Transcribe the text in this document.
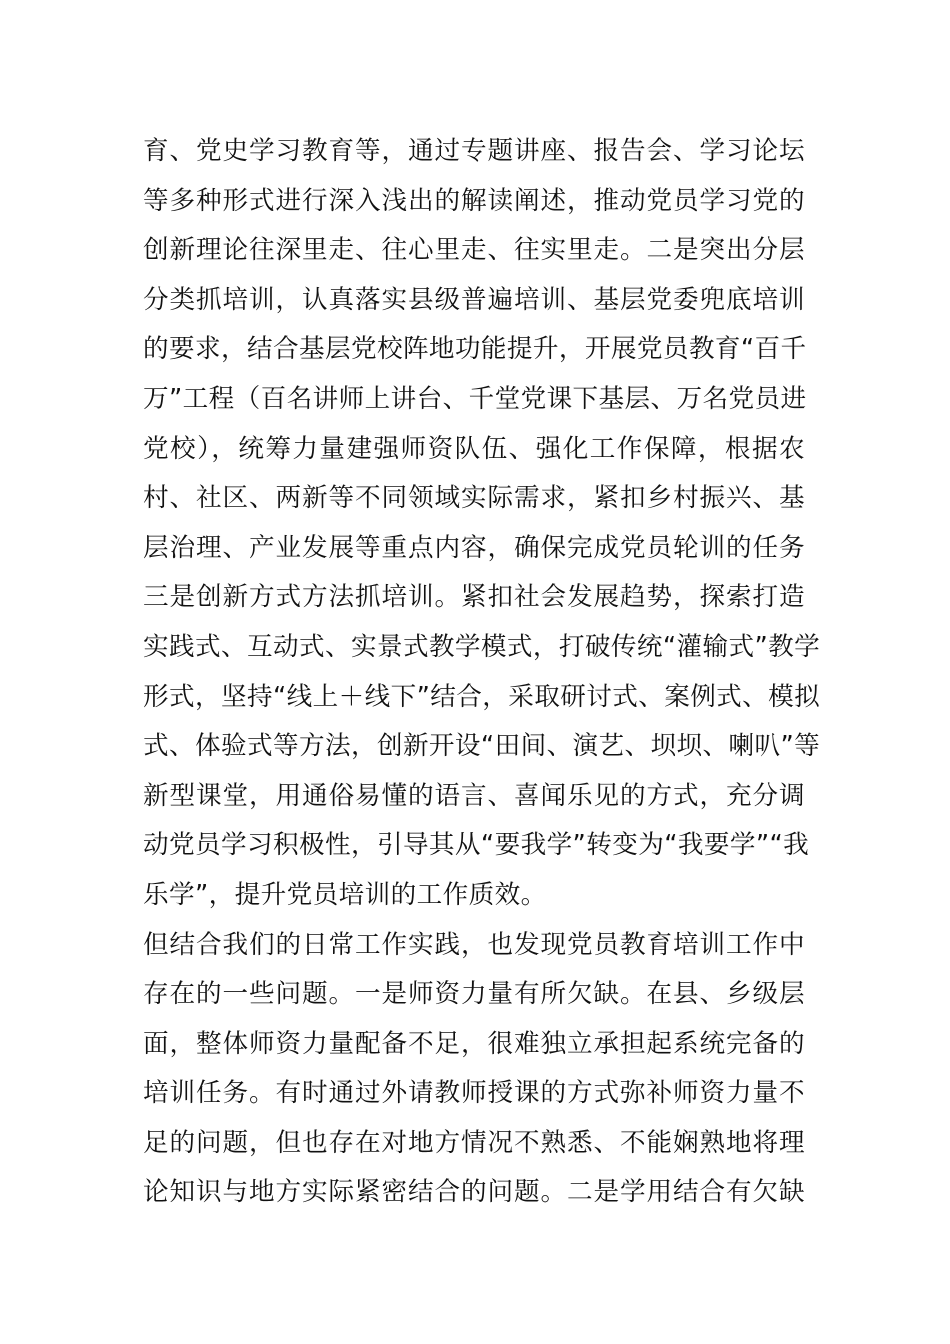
育、党史学习教育等，通过专题讲座、报告会、学习论坛
等多种形式进行深入浅出的解读阐述，推动党员学习党的
创新理论往深里走、往心里走、往实里走。二是突出分层
分类抓培训，认真落实县级普遍培训、基层党委兜底培训
的要求，结合基层党校阵地功能提升，开展党员教育“百千
万”工程（百名讲师上讲台、千堂党课下基层、万名党员进
党校），统筹力量建强师资队伍、强化工作保障，根据农
村、社区、两新等不同领域实际需求，紧扣乡村振兴、基
层治理、产业发展等重点内容，确保完成党员轮训的任务
三是创新方式方法抓培训。紧扣社会发展趋势，探索打造
实践式、互动式、实景式教学模式，打破传统“灌输式”教学
形式，坚持“线上＋线下”结合，采取研讨式、案例式、模拟
式、体验式等方法，创新开设“田间、演艺、坝坝、喇叭”等
新型课堂，用通俗易懂的语言、喜闻乐见的方式，充分调
动党员学习积极性，引导其从“要我学”转变为“我要学”“我
乐学”，提升党员培训的工作质效。
但结合我们的日常工作实践，也发现党员教育培训工作中
存在的一些问题。一是师资力量有所欠缺。在县、乡级层
面，整体师资力量配备不足，很难独立承担起系统完备的
培训任务。有时通过外请教师授课的方式弥补师资力量不
足的问题，但也存在对地方情况不熟悉、不能娴熟地将理
论知识与地方实际紧密结合的问题。二是学用结合有欠缺
